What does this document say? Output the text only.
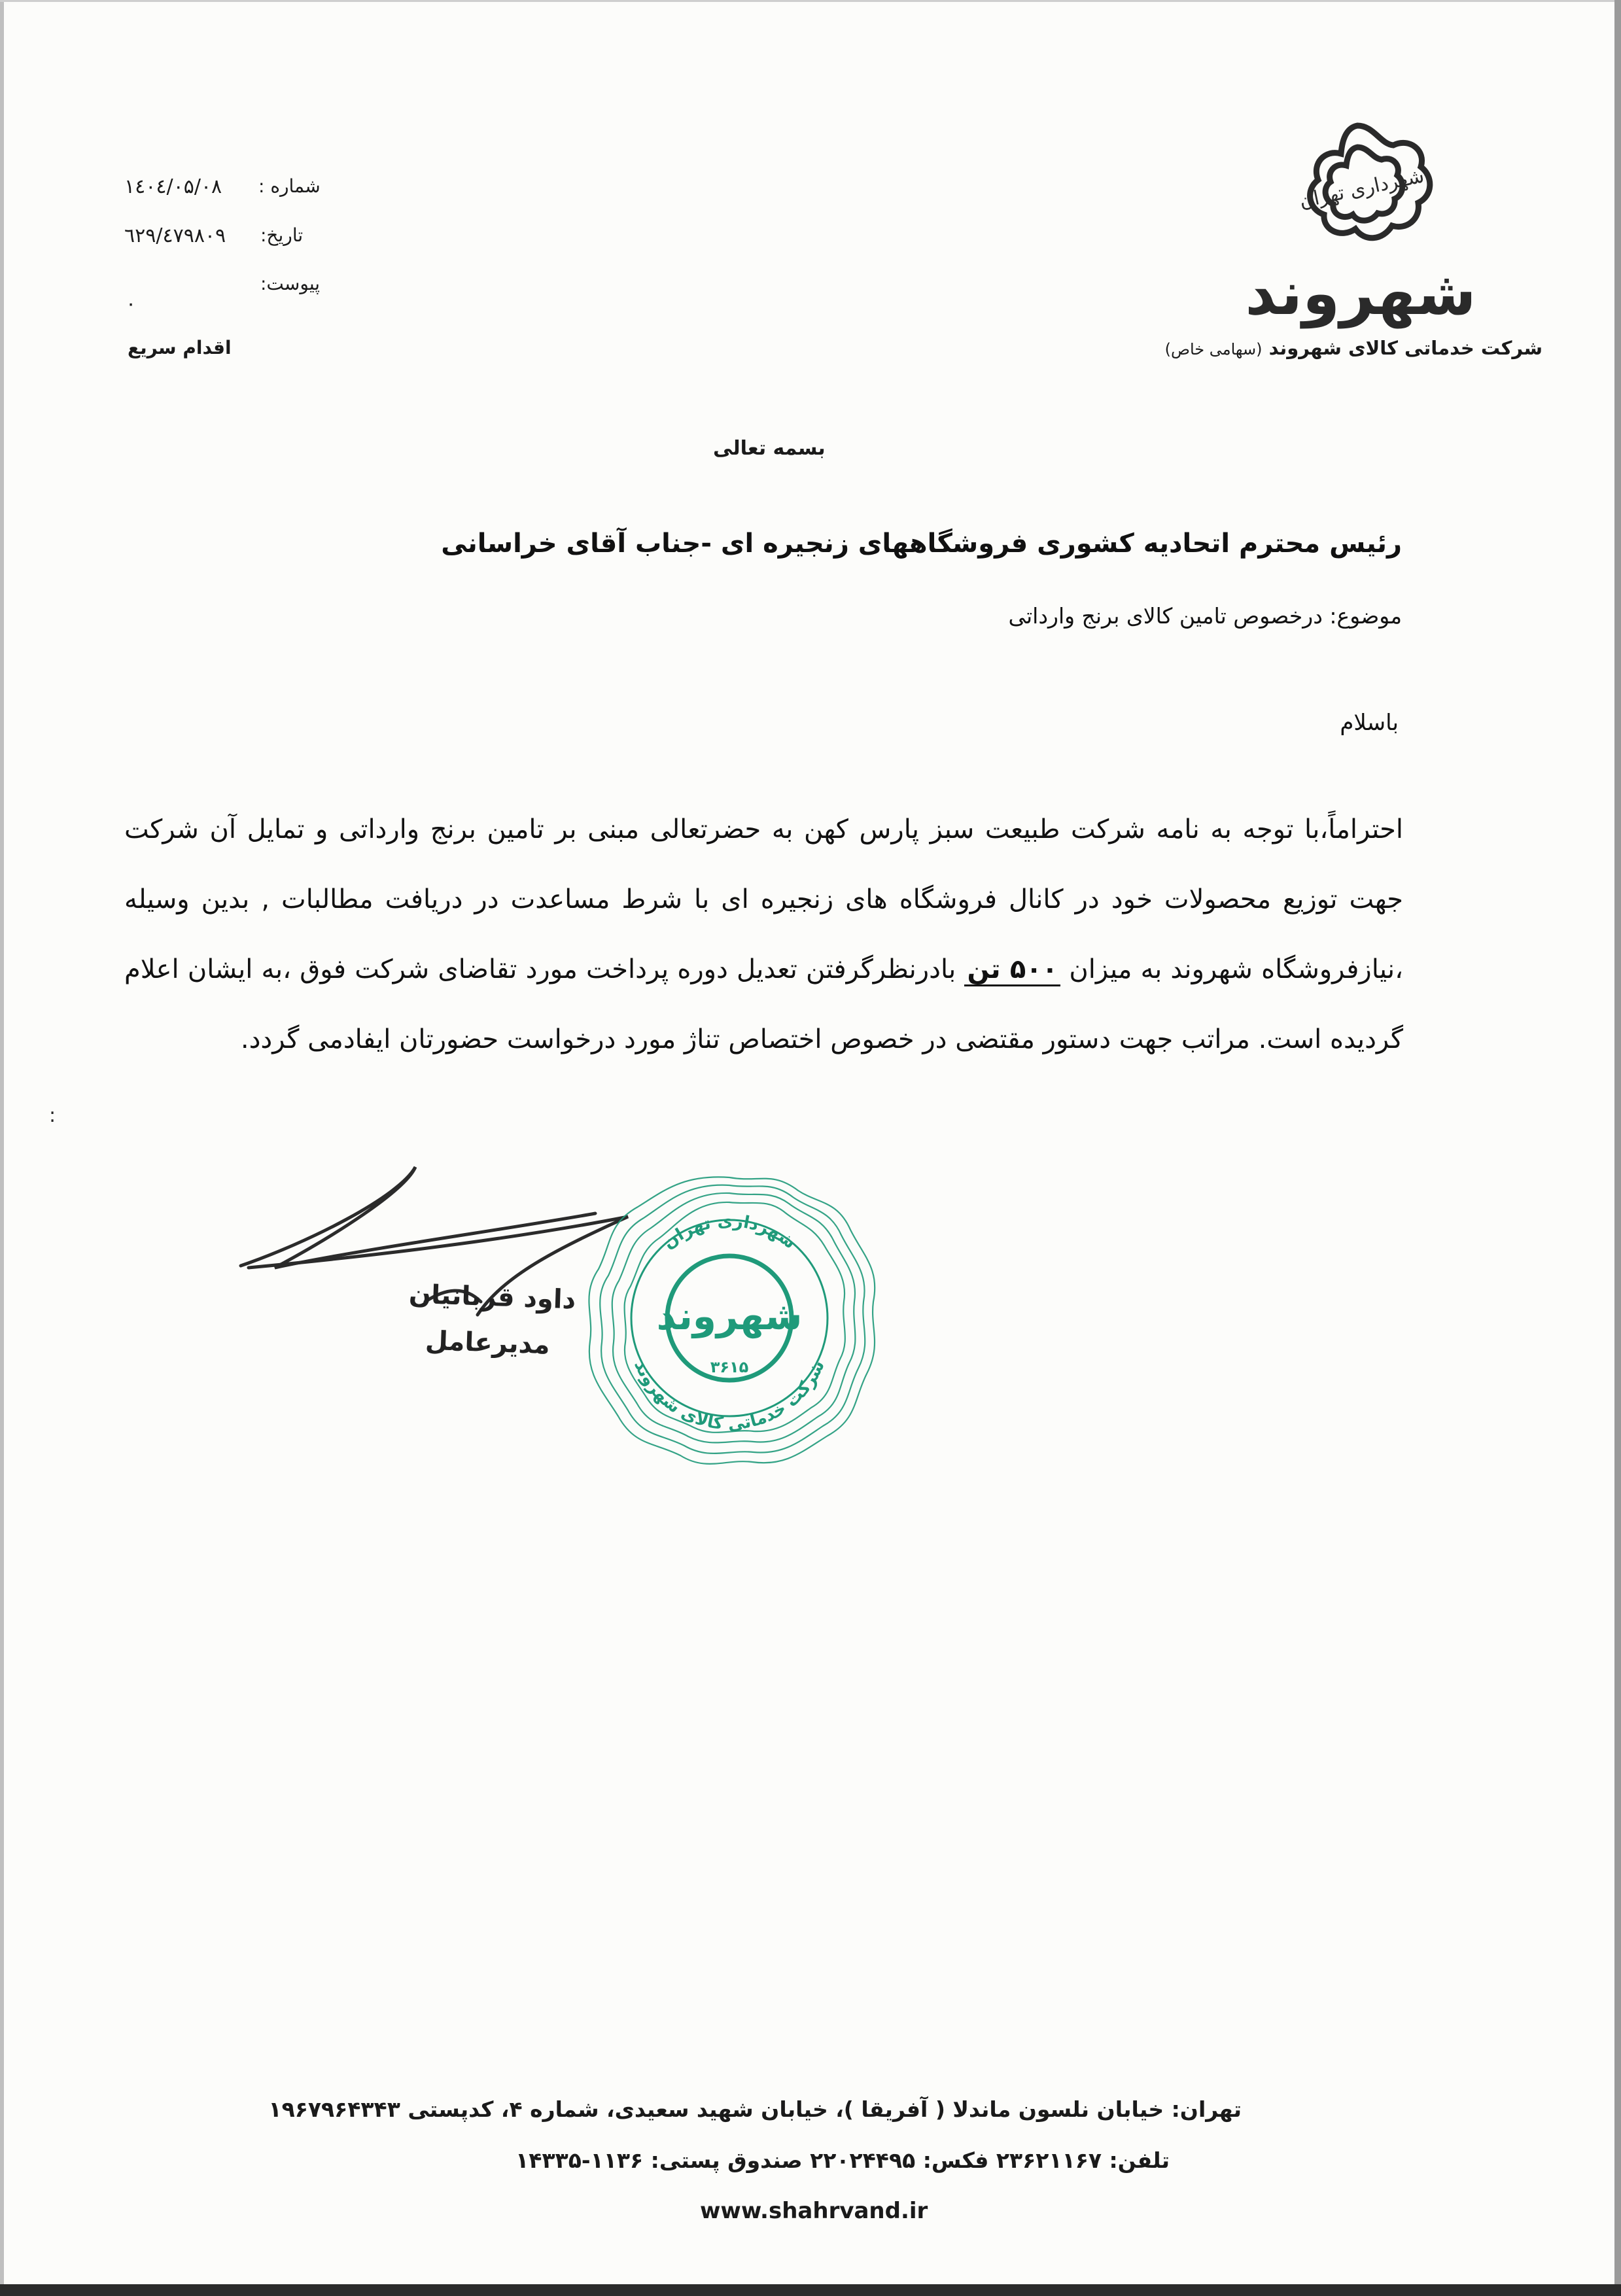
۱٤۰٤/۰۵/۰۸ شماره :
٦۲۹/٤۷۹۸۰۹ تاریخ:
پیوست:
۰
اقدام سریع
شهرداری تهران
شهروند
شرکت خدماتی کالای شهروند (سهامی خاص)
بسمه تعالی
رئیس محترم اتحادیه کشوری فروشگاههای زنجیره ای -جناب آقای خراسانی
موضوع: درخصوص تامین کالای برنج وارداتی
باسلام
احتراماً،با توجه به نامه شرکت طبیعت سبز پارس کهن به حضرتعالی مبنی بر تامین برنج وارداتی و تمایل آن شرکت جهت توزیع محصولات خود در کانال فروشگاه های زنجیره ای با شرط مساعدت در دریافت مطالبات , بدین وسیله ،نیازفروشگاه شهروند به میزان ۵۰۰ تن بادرنظرگرفتن تعدیل دوره پرداخت مورد تقاضای شرکت فوق ،به ایشان اعلام گردیده است. مراتب جهت دستور مقتضی در خصوص اختصاص تناژ مورد درخواست حضورتان ایفادمی گردد.
:
داود قربانیان
مدیرعامل
شهرداری تهران
شرکت خدماتی کالای شهروند
شهروند
۳۶۱۵
تهران: خیابان نلسون ماندلا ( آفریقا )، خیابان شهید سعیدی، شماره ۴، کدپستی ۱۹۶۷۹۶۴۳۴۳
تلفن: ۲۳۶۲۱۱۶۷ فکس: ۲۲۰۲۴۴۹۵ صندوق پستی: ۱۱۳۶-۱۴۳۳۵
www.shahrvand.ir
